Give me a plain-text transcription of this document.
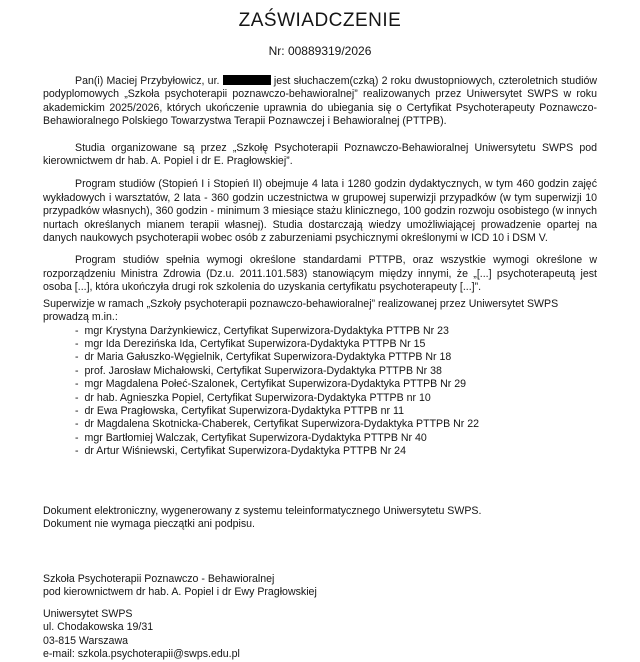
ZAŚWIADCZENIE
Nr: 00889319/2026

Pan(i) Maciej Przybyłowicz, ur.	jest słuchaczem(czką) 2 roku dwustopniowych, czteroletnich studiów podyplomowych „Szkoła psychoterapii poznawczo-behawioralnej” realizowanych przez Uniwersytet SWPS w roku akademickim 2025/2026, których ukończenie uprawnia do ubiegania się o Certyfikat Psychoterapeuty Poznawczo-Behawioralnego Polskiego Towarzystwa Terapii Poznawczej i Behawioralnej (PTTPB).

Studia organizowane są przez „Szkołę Psychoterapii Poznawczo-Behawioralnej Uniwersytetu SWPS pod kierownictwem dr hab. A. Popiel i dr E. Pragłowskiej”.

Program studiów (Stopień I i Stopień II) obejmuje 4 lata i 1280 godzin dydaktycznych, w tym 460 godzin zajęć wykładowych i warsztatów, 2 lata - 360 godzin uczestnictwa w grupowej superwizji przypadków (w tym superwizji 10 przypadków własnych), 360 godzin - minimum 3 miesiące stażu klinicznego, 100 godzin rozwoju osobistego (w innych nurtach określanych mianem terapii własnej). Studia dostarczają wiedzy umożliwiającej prowadzenie opartej na danych naukowych psychoterapii wobec osób z zaburzeniami psychicznymi określonymi w ICD 10 i DSM V.

Program studiów spełnia wymogi określone standardami PTTPB, oraz wszystkie wymogi określone w rozporządzeniu Ministra Zdrowia (Dz.u. 2011.101.583) stanowiącym między innymi, że „[...] psychoterapeutą jest osoba [...], która ukończyła drugi rok szkolenia do uzyskania certyfikatu psychoterapeuty [...]”.

Superwizje w ramach „Szkoły psychoterapii poznawczo-behawioralnej” realizowanej przez Uniwersytet SWPS prowadzą m.in.:

- mgr Krystyna Darżynkiewicz, Certyfikat Superwizora-Dydaktyka PTTPB Nr 23
- mgr Ida Derezińska Ida, Certyfikat Superwizora-Dydaktyka PTTPB Nr 15
- dr Maria Gałuszko-Węgielnik, Certyfikat Superwizora-Dydaktyka PTTPB Nr 18
- prof. Jarosław Michałowski, Certyfikat Superwizora-Dydaktyka PTTPB Nr 38
- mgr Magdalena Połeć-Szalonek, Certyfikat Superwizora-Dydaktyka PTTPB Nr 29
- dr hab. Agnieszka Popiel, Certyfikat Superwizora-Dydaktyka PTTPB nr 10
- dr Ewa Pragłowska, Certyfikat Superwizora-Dydaktyka PTTPB nr 11
- dr Magdalena Skotnicka-Chaberek, Certyfikat Superwizora-Dydaktyka PTTPB Nr 22
- mgr Bartłomiej Walczak, Certyfikat Superwizora-Dydaktyka PTTPB Nr 40
- dr Artur Wiśniewski, Certyfikat Superwizora-Dydaktyka PTTPB Nr 24
Dokument elektroniczny, wygenerowany z systemu teleinformatycznego Uniwersytetu SWPS.
Dokument nie wymaga pieczątki ani podpisu.
Szkoła Psychoterapii Poznawczo - Behawioralnej
pod kierownictwem dr hab. A. Popiel i dr Ewy Pragłowskiej
Uniwersytet SWPS
ul. Chodakowska 19/31
03-815 Warszawa
e-mail: szkola.psychoterapii@swps.edu.pl
